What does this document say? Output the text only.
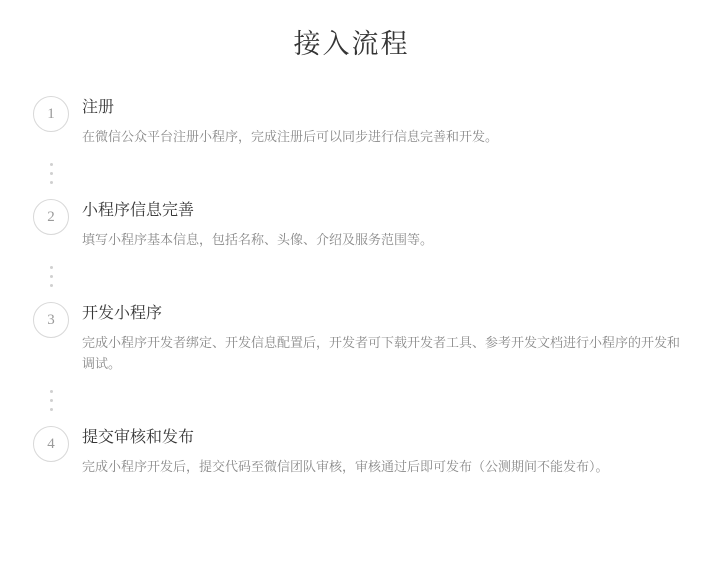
接入流程
1	注册

在微信公众平台注册小程序，完成注册后可以同步进行信息完善和开发。

2	小程序信息完善

填写小程序基本信息，包括名称、头像、介绍及服务范围等。

3	开发小程序

完成小程序开发者绑定、开发信息配置后，开发者可下载开发者工具、参考开发文档进行小程序的开发和调试。

4	提交审核和发布

完成小程序开发后，提交代码至微信团队审核，审核通过后即可发布（公测期间不能发布）。
